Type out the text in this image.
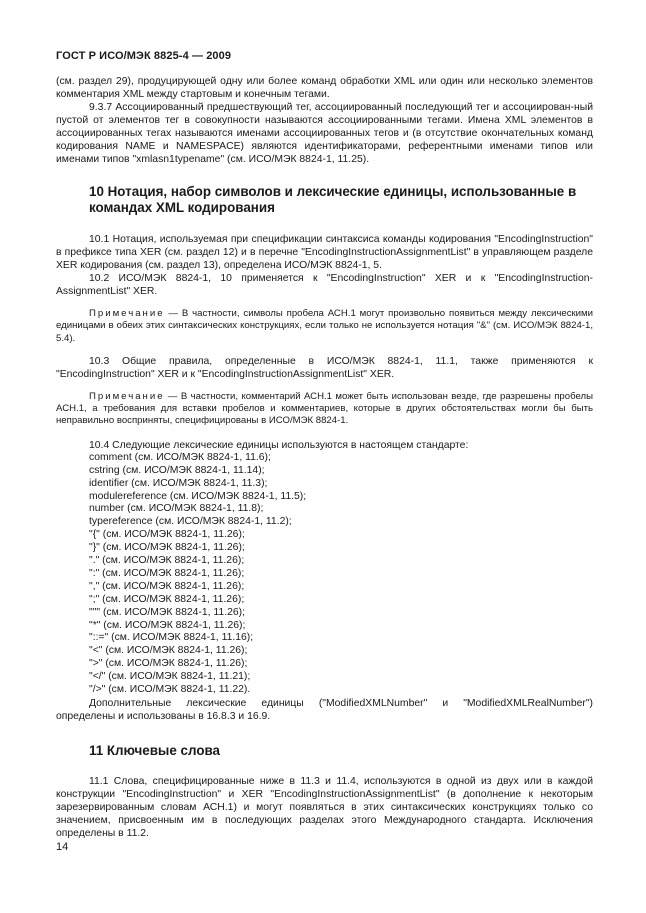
ГОСТ Р ИСО/МЭК 8825-4 — 2009

(см. раздел 29), продуцирующей одну или более команд обработки XML или один или несколько элементов комментария XML между стартовым и конечным тегами.

9.3.7 Ассоциированный предшествующий тег, ассоциированный последующий тег и ассоциирован-ный пустой от элементов тег в совокупности называются ассоциированными тегами. Имена XML элементов в ассоциированных тегах называются именами ассоциированных тегов и (в отсутствие окончательных команд кодирования NAME и NAMESPACE) являются идентификаторами, референтными именами типов или именами типов "xmlasn1typename" (см. ИСО/МЭК 8824-1, 11.25).

10 Нотация, набор символов и лексические единицы, использованные в командах XML кодирования

10.1 Нотация, используемая при спецификации синтаксиса команды кодирования "EncodingInstruction" в префиксе типа XER (см. раздел 12) и в перечне "EncodingInstructionAssignmentList" в управляющем разделе XER кодирования (см. раздел 13), определена ИСО/МЭК 8824-1, 5.

10.2 ИСО/МЭК 8824-1, 10 применяется к "EncodingInstruction" XER и к "EncodingInstruction-AssignmentList" XER.

Примечание — В частности, символы пробела АСН.1 могут произвольно появиться между лексическими единицами в обеих этих синтаксических конструкциях, если только не используется нотация "&" (см. ИСО/МЭК 8824-1, 5.4).

10.3 Общие правила, определенные в ИСО/МЭК 8824-1, 11.1, также применяются к "EncodingInstruction" XER и к "EncodingInstructionAssignmentList" XER.

Примечание — В частности, комментарий АСН.1 может быть использован везде, где разрешены пробелы АСН.1, а требования для вставки пробелов и комментариев, которые в других обстоятельствах могли бы быть неправильно восприняты, специфицированы в ИСО/МЭК 8824-1.

10.4 Следующие лексические единицы используются в настоящем стандарте:

comment (см. ИСО/МЭК 8824-1, 11.6);
cstring (см. ИСО/МЭК 8824-1, 11.14);
identifier (см. ИСО/МЭК 8824-1, 11.3);
modulereference (см. ИСО/МЭК 8824-1, 11.5);
number (см. ИСО/МЭК 8824-1, 11.8);
typereference (см. ИСО/МЭК 8824-1, 11.2);
"{" (см. ИСО/МЭК 8824-1, 11.26);
"}" (см. ИСО/МЭК 8824-1, 11.26);
"." (см. ИСО/МЭК 8824-1, 11.26);
":" (см. ИСО/МЭК 8824-1, 11.26);
"," (см. ИСО/МЭК 8824-1, 11.26);
";" (см. ИСО/МЭК 8824-1, 11.26);
""" (см. ИСО/МЭК 8824-1, 11.26);
"*" (см. ИСО/МЭК 8824-1, 11.26);
"::=" (см. ИСО/МЭК 8824-1, 11.16);
"<" (см. ИСО/МЭК 8824-1, 11.26);
">" (см. ИСО/МЭК 8824-1, 11.26);
"</" (см. ИСО/МЭК 8824-1, 11.21);
"/>" (см. ИСО/МЭК 8824-1, 11.22).

Дополнительные лексические единицы ("ModifiedXMLNumber" и "ModifiedXMLRealNumber") определены и использованы в 16.8.3 и 16.9.

11 Ключевые слова

11.1 Слова, специфицированные ниже в 11.3 и 11.4, используются в одной из двух или в каждой конструкции "EncodingInstruction" и XER "EncodingInstructionAssignmentList" (в дополнение к некоторым зарезервированным словам АСН.1) и могут появляться в этих синтаксических конструкциях только со значением, присвоенным им в последующих разделах этого Международного стандарта. Исключения определены в 11.2.

14
